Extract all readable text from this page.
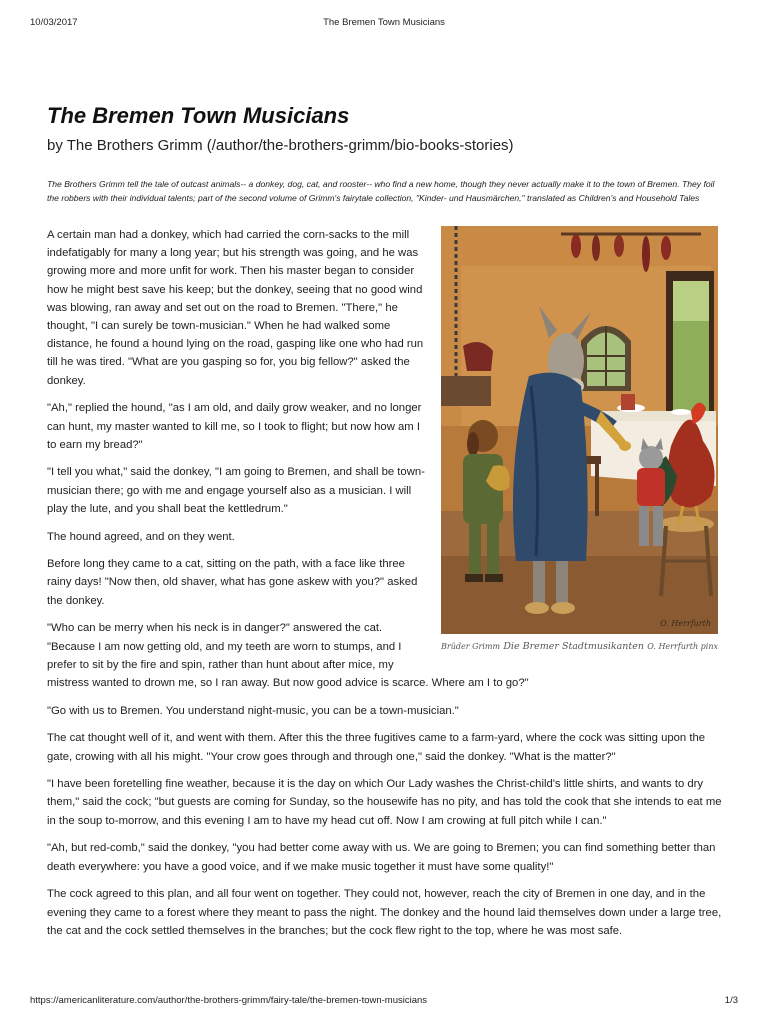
10/03/2017	The Bremen Town Musicians
The Bremen Town Musicians
by The Brothers Grimm (/author/the-brothers-grimm/bio-books-stories)

The Brothers Grimm tell the tale of outcast animals-- a donkey, dog, cat, and rooster-- who find a new home, though they never actually make it to the town of Bremen. They foil the robbers with their individual talents; part of the second volume of Grimm's fairytale collection, "Kinder- und Hausmärchen," translated as Children's and Household Tales

O. Herrfurth
Brüder Grimm Die Bremer Stadtmusikanten O. Herrfurth pinx

A certain man had a donkey, which had carried the corn-sacks to the mill indefatigably for many a long year; but his strength was going, and he was growing more and more unfit for work. Then his master began to consider how he might best save his keep; but the donkey, seeing that no good wind was blowing, ran away and set out on the road to Bremen. "There," he thought, "I can surely be town-musician." When he had walked some distance, he found a hound lying on the road, gasping like one who had run till he was tired. "What are you gasping so for, you big fellow?" asked the donkey.

"Ah," replied the hound, "as I am old, and daily grow weaker, and no longer can hunt, my master wanted to kill me, so I took to flight; but now how am I to earn my bread?"

"I tell you what," said the donkey, "I am going to Bremen, and shall be town-musician there; go with me and engage yourself also as a musician. I will play the lute, and you shall beat the kettledrum."

The hound agreed, and on they went.

Before long they came to a cat, sitting on the path, with a face like three rainy days! "Now then, old shaver, what has gone askew with you?" asked the donkey.

"Who can be merry when his neck is in danger?" answered the cat. "Because I am now getting old, and my teeth are worn to stumps, and I prefer to sit by the fire and spin, rather than hunt about after mice, my mistress wanted to drown me, so I ran away. But now good advice is scarce. Where am I to go?"

"Go with us to Bremen. You understand night-music, you can be a town-musician."

The cat thought well of it, and went with them. After this the three fugitives came to a farm-yard, where the cock was sitting upon the gate, crowing with all his might. "Your crow goes through and through one," said the donkey. "What is the matter?"

"I have been foretelling fine weather, because it is the day on which Our Lady washes the Christ-child's little shirts, and wants to dry them," said the cock; "but guests are coming for Sunday, so the housewife has no pity, and has told the cook that she intends to eat me in the soup to-morrow, and this evening I am to have my head cut off. Now I am crowing at full pitch while I can."

"Ah, but red-comb," said the donkey, "you had better come away with us. We are going to Bremen; you can find something better than death everywhere: you have a good voice, and if we make music together it must have some quality!"

The cock agreed to this plan, and all four went on together. They could not, however, reach the city of Bremen in one day, and in the evening they came to a forest where they meant to pass the night. The donkey and the hound laid themselves down under a large tree, the cat and the cock settled themselves in the branches; but the cock flew right to the top, where he was most safe.

https://americanliterature.com/author/the-brothers-grimm/fairy-tale/the-bremen-town-musicians	1/3
